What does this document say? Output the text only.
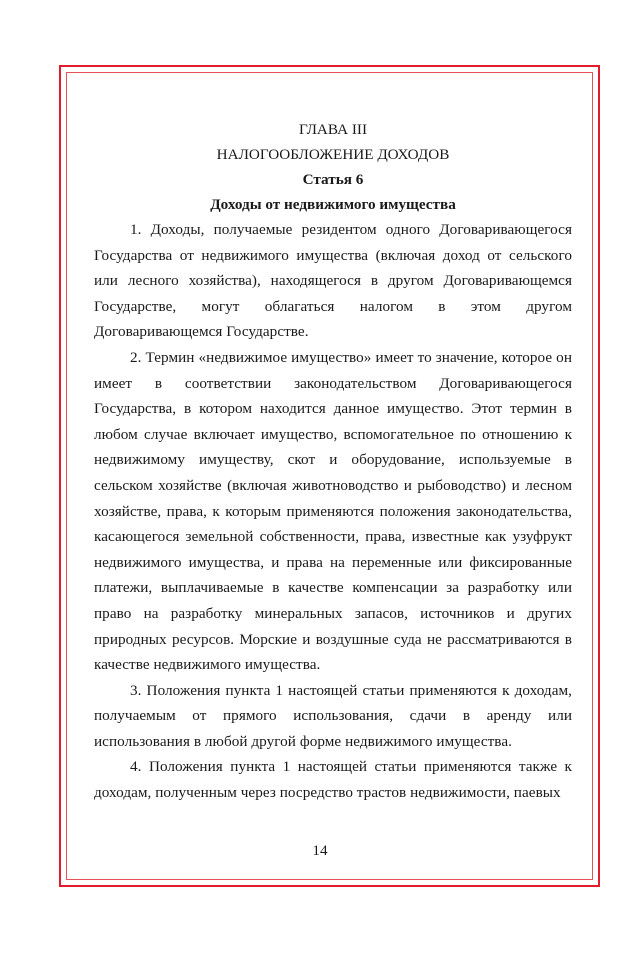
ГЛАВА III
НАЛОГООБЛОЖЕНИЕ ДОХОДОВ
Статья 6
Доходы от недвижимого имущества

1. Доходы, получаемые резидентом одного Договаривающегося Государства от недвижимого имущества (включая доход от сельского или лесного хозяйства), находящегося в другом Договаривающемся Государстве, могут облагаться налогом в этом другом Договаривающемся Государстве.

2. Термин «недвижимое имущество» имеет то значение, которое он имеет в соответствии законодательством Договаривающегося Государства, в котором находится данное имущество. Этот термин в любом случае включает имущество, вспомогательное по отношению к недвижимому имуществу, скот и оборудование, используемые в сельском хозяйстве (включая животноводство и рыбоводство) и лесном хозяйстве, права, к которым применяются положения законодательства, касающегося земельной собственности, права, известные как узуфрукт недвижимого имущества, и права на переменные или фиксированные платежи, выплачиваемые в качестве компенсации за разработку или право на разработку минеральных запасов, источников и других природных ресурсов. Морские и воздушные суда не рассматриваются в качестве недвижимого имущества.

3. Положения пункта 1 настоящей статьи применяются к доходам, получаемым от прямого использования, сдачи в аренду или использования в любой другой форме недвижимого имущества.

4. Положения пункта 1 настоящей статьи применяются также к доходам, полученным через посредство трастов недвижимости, паевых

14
